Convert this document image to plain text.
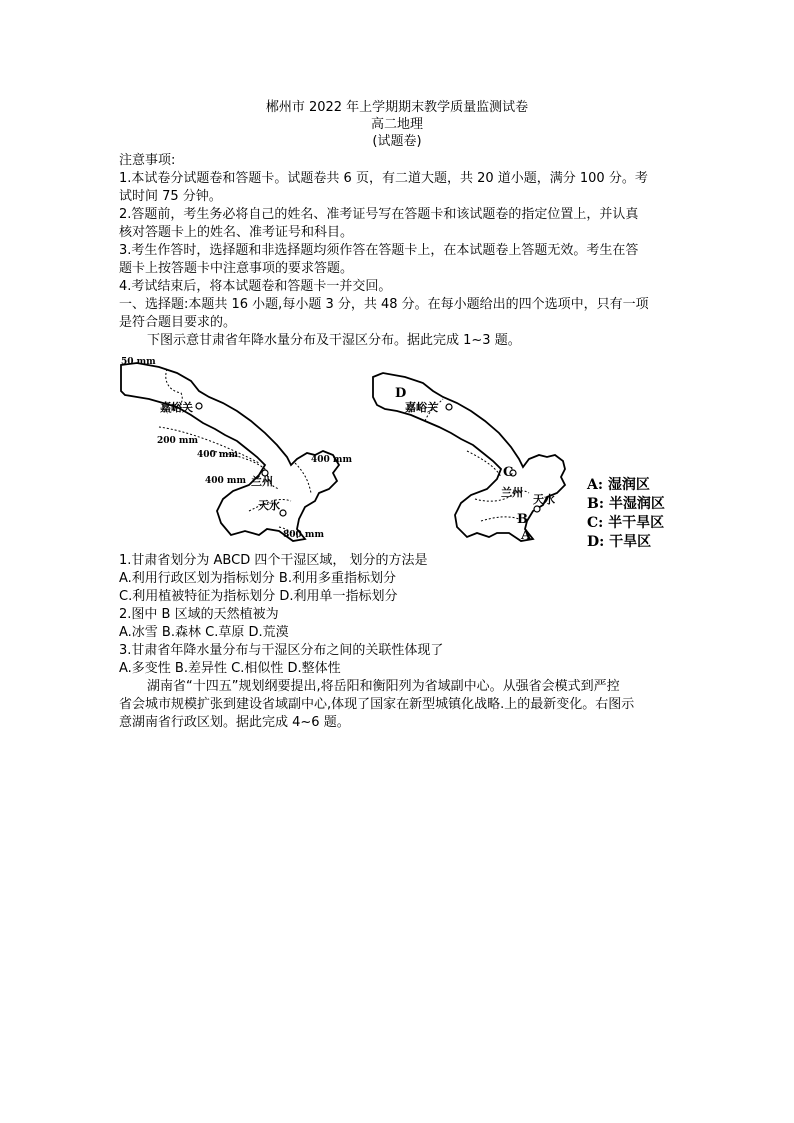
郴州市 2022 年上学期期末教学质量监测试卷
高二地理
(试题卷)

注意事项:

1.本试卷分试题卷和答题卡。试题卷共 6 页，有二道大题，共 20 道小题，满分 100 分。考

试时间 75 分钟。

2.答题前，考生务必将自己的姓名、准考证号写在答题卡和该试题卷的指定位置上，并认真

核对答题卡上的姓名、准考证号和科目。

3.考生作答时，选择题和非选择题均须作答在答题卡上，在本试题卷上答题无效。考生在答

题卡上按答题卡中注意事项的要求答题。

4.考试结束后，将本试题卷和答题卡一并交回。

一、选择题:本题共 16 小题,每小题 3 分，共 48 分。在每小题给出的四个选项中，只有一项

是符合题目要求的。

下图示意甘肃省年降水量分布及干湿区分布。据此完成 1~3 题。

50 mm
200 mm
400 mm
400 mm
400 mm
800 mm
嘉峪关
兰州
天水
D
C
B
A
嘉峪关
兰州
天水
A: 湿润区
B: 半湿润区
C: 半干旱区
D: 干旱区

1.甘肃省划分为 ABCD 四个干湿区域， 划分的方法是

A.利用行政区划为指标划分 B.利用多重指标划分

C.利用植被特征为指标划分 D.利用单一指标划分

2.图中 B 区域的天然植被为

A.冰雪 B.森林 C.草原 D.荒漠

3.甘肃省年降水量分布与干湿区分布之间的关联性体现了

A.多变性 B.差异性 C.相似性 D.整体性

湖南省“十四五”规划纲要提出,将岳阳和衡阳列为省域副中心。从强省会模式到严控

省会城市规模扩张到建设省域副中心,体现了国家在新型城镇化战略.上的最新变化。右图示

意湖南省行政区划。据此完成 4~6 题。
